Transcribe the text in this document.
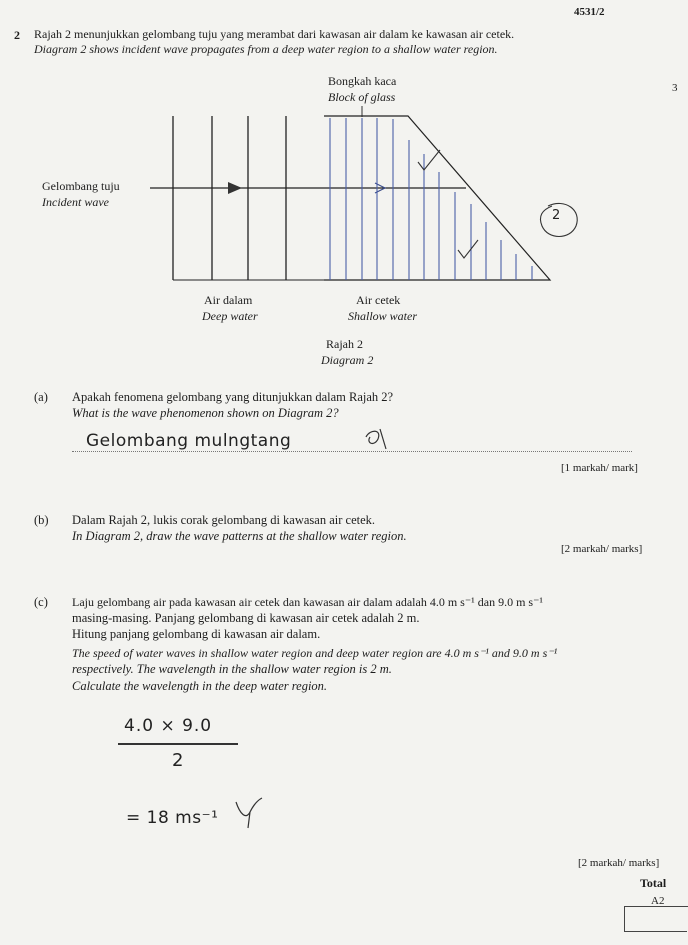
4531/2
2 Rajah 2 menunjukkan gelombang tuju yang merambat dari kawasan air dalam ke kawasan air cetek.
Diagram 2 shows incident wave propagates from a deep water region to a shallow water region.
3
Bongkah kaca
Block of glass
Gelombang tuju
Incident wave
2
Air dalam
Deep water
Air cetek
Shallow water
Rajah 2
Diagram 2
(a) Apakah fenomena gelombang yang ditunjukkan dalam Rajah 2?
What is the wave phenomenon shown on Diagram 2?
Gelombang mulngtang
[1 markah/ mark]
(b) Dalam Rajah 2, lukis corak gelombang di kawasan air cetek.
In Diagram 2, draw the wave patterns at the shallow water region.
[2 markah/ marks]
(c) Laju gelombang air pada kawasan air cetek dan kawasan air dalam adalah 4.0 m s⁻¹ dan 9.0 m s⁻¹
masing-masing. Panjang gelombang di kawasan air cetek adalah 2 m.
Hitung panjang gelombang di kawasan air dalam.
The speed of water waves in shallow water region and deep water region are 4.0 m s⁻¹ and 9.0 m s⁻¹
respectively. The wavelength in the shallow water region is 2 m.
Calculate the wavelength in the deep water region.
4.0 × 9.0
2
= 18 ms⁻¹
[2 markah/ marks]
Total
A2
